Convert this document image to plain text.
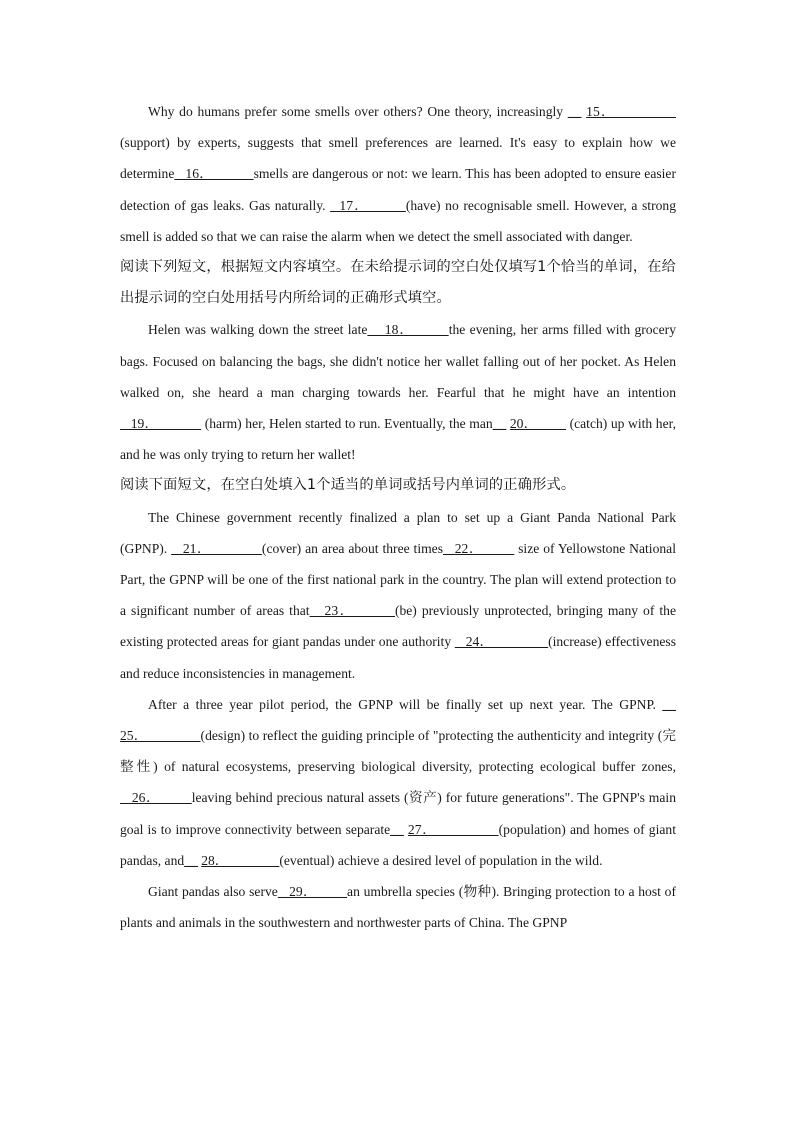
Why do humans prefer some smells over others? One theory, increasingly __ 15．              (support) by experts, suggests that smell preferences are learned. It's easy to explain how we determine   16．           smells are dangerous or not: we learn. This has been adopted to ensure easier detection of gas leaks. Gas naturally.   17．        (have) no recognisable smell. However, a strong smell is added so that we can raise the alarm when we detect the smell associated with danger.

阅读下列短文，根据短文内容填空。在未给提示词的空白处仅填写1个恰当的单词，在给出提示词的空白处用括号内所给词的正确形式填空。

Helen was walking down the street late    18．        the evening, her arms filled with grocery bags. Focused on balancing the bags, she didn't notice her wallet falling out of her pocket. As Helen walked on, she heard a man charging towards her. Fearful that he might have an intention    19．             (harm) her, Helen started to run. Eventually, the man__ 20．         (catch) up with her, and he was only trying to return her wallet!

阅读下面短文，在空白处填入1个适当的单词或括号内单词的正确形式。

The Chinese government recently finalized a plan to set up a Giant Panda National Park (GPNP).    21．             (cover) an area about three times   22．         size of Yellowstone National Part, the GPNP will be one of the first national park in the country. The plan will extend protection to a significant number of areas that   23．        (be) previously unprotected, bringing many of the existing protected areas for giant pandas under one authority    24．               (increase) effectiveness and reduce inconsistencies in management.

After a three year pilot period, the GPNP will be finally set up next year. The GPNP. __ 25．               (design) to reflect the guiding principle of "protecting the authenticity and integrity (完整性) of natural ecosystems, preserving biological diversity, protecting ecological buffer zones,    26．        leaving behind precious natural assets (资产) for future generations". The GPNP's main goal is to improve connectivity between separate__ 27．               (population) and homes of giant pandas, and__ 28．               (eventual) achieve a desired level of population in the wild.

Giant pandas also serve   29．        an umbrella species (物种). Bringing protection to a host of plants and animals in the southwestern and northwester parts of China. The GPNP
